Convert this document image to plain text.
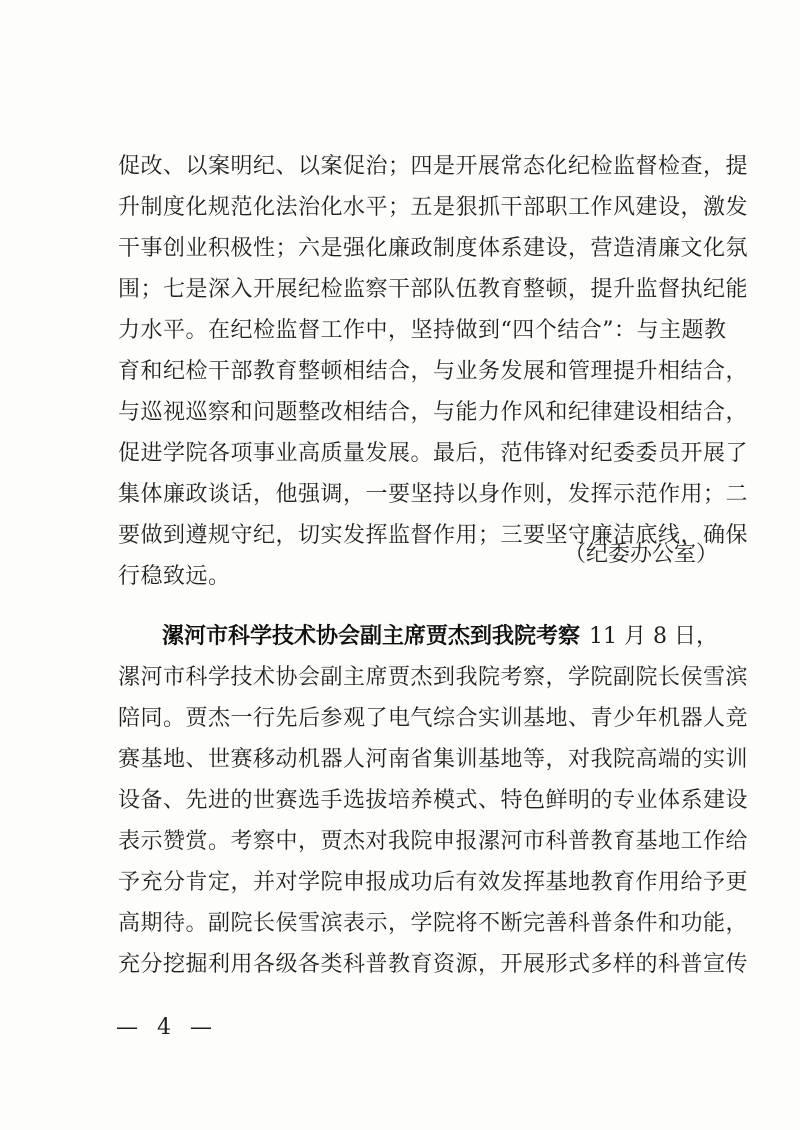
促改、以案明纪、以案促治；四是开展常态化纪检监督检查，提
升制度化规范化法治化水平；五是狠抓干部职工作风建设，激发
干事创业积极性；六是强化廉政制度体系建设，营造清廉文化氛
围；七是深入开展纪检监察干部队伍教育整顿，提升监督执纪能
力水平。在纪检监督工作中，坚持做到“四个结合”：与主题教
育和纪检干部教育整顿相结合，与业务发展和管理提升相结合，
与巡视巡察和问题整改相结合，与能力作风和纪律建设相结合，
促进学院各项事业高质量发展。最后，范伟锋对纪委委员开展了
集体廉政谈话，他强调，一要坚持以身作则，发挥示范作用；二
要做到遵规守纪，切实发挥监督作用；三要坚守廉洁底线，确保
行稳致远。
（纪委办公室）
漯河市科学技术协会副主席贾杰到我院考察 11 月 8 日，
漯河市科学技术协会副主席贾杰到我院考察，学院副院长侯雪滨
陪同。贾杰一行先后参观了电气综合实训基地、青少年机器人竞
赛基地、世赛移动机器人河南省集训基地等，对我院高端的实训
设备、先进的世赛选手选拔培养模式、特色鲜明的专业体系建设
表示赞赏。考察中，贾杰对我院申报漯河市科普教育基地工作给
予充分肯定，并对学院申报成功后有效发挥基地教育作用给予更
高期待。副院长侯雪滨表示，学院将不断完善科普条件和功能，
充分挖掘利用各级各类科普教育资源，开展形式多样的科普宣传
— 4 —
